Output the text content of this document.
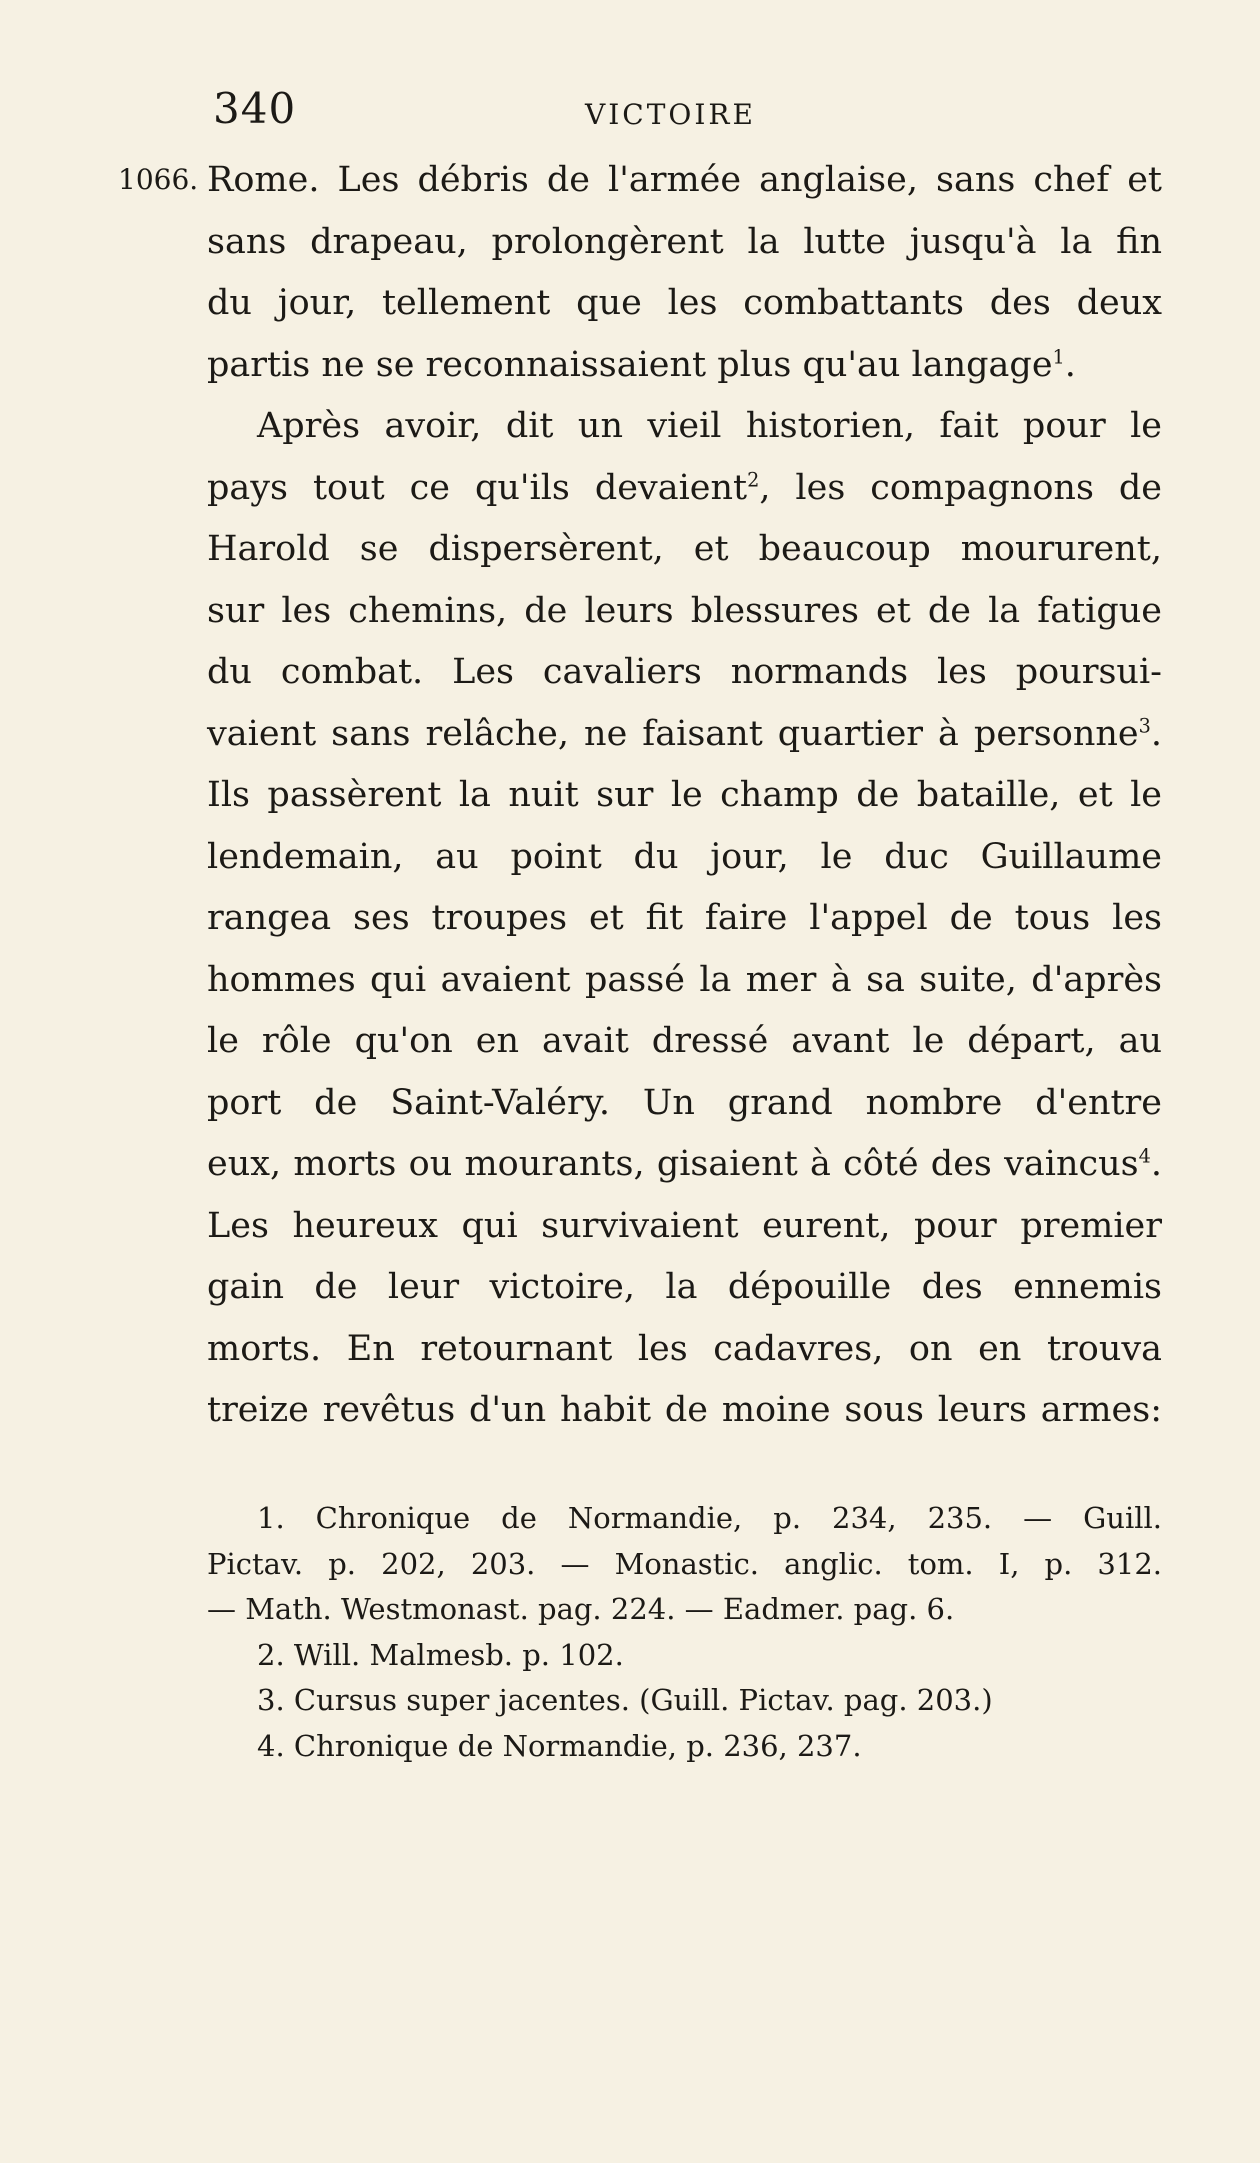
340	VICTOIRE
1066. Rome. Les débris de l'armée anglaise, sans chef et
sans drapeau, prolongèrent la lutte jusqu'à la fin
du jour, tellement que les combattants des deux
partis ne se reconnaissaient plus qu'au langage$^1$.
Après avoir, dit un vieil historien, fait pour le
pays tout ce qu'ils devaient$^2$, les compagnons de
Harold se dispersèrent, et beaucoup moururent,
sur les chemins, de leurs blessures et de la fatigue
du combat. Les cavaliers normands les poursui-
vaient sans relâche, ne faisant quartier à personne$^3$.
Ils passèrent la nuit sur le champ de bataille, et le
lendemain, au point du jour, le duc Guillaume
rangea ses troupes et fit faire l'appel de tous les
hommes qui avaient passé la mer à sa suite, d'après
le rôle qu'on en avait dressé avant le départ, au
port de Saint-Valéry. Un grand nombre d'entre
eux, morts ou mourants, gisaient à côté des vaincus$^4$.
Les heureux qui survivaient eurent, pour premier
gain de leur victoire, la dépouille des ennemis
morts. En retournant les cadavres, on en trouva
treize revêtus d'un habit de moine sous leurs armes:
1. Chronique de Normandie, p. 234, 235. — Guill.
Pictav. p. 202, 203. — Monastic. anglic. tom. I, p. 312.
— Math. Westmonast. pag. 224. — Eadmer. pag. 6.
2. Will. Malmesb. p. 102.
3. Cursus super jacentes. (Guill. Pictav. pag. 203.)
4. Chronique de Normandie, p. 236, 237.
